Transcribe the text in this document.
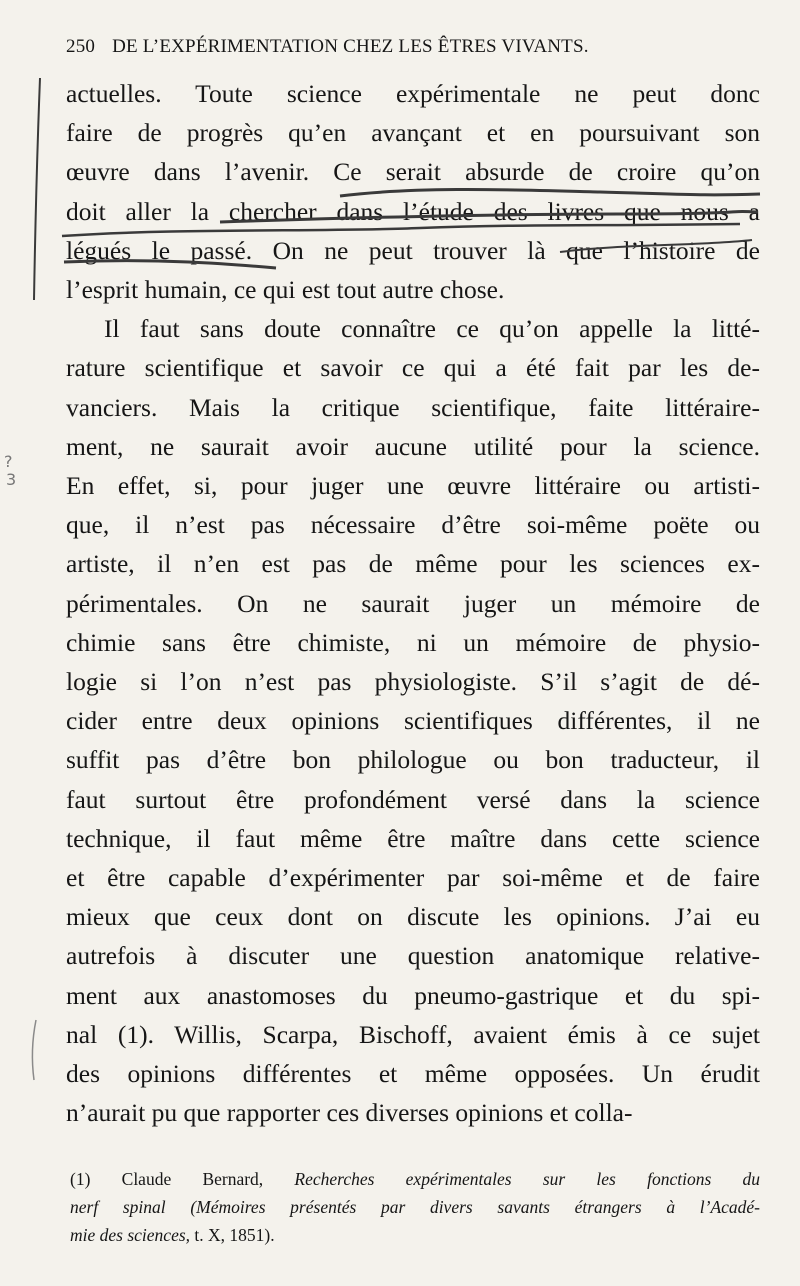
250 DE L’EXPÉRIMENTATION CHEZ LES ÊTRES VIVANTS.
actuelles. Toute science expérimentale ne peut donc
faire de progrès qu’en avançant et en poursuivant son
œuvre dans l’avenir. Ce serait absurde de croire qu’on
doit aller la chercher dans l’étude des livres que nous a
légués le passé. On ne peut trouver là que l’histoire de
l’esprit humain, ce qui est tout autre chose.
Il faut sans doute connaître ce qu’on appelle la litté-
rature scientifique et savoir ce qui a été fait par les de-
vanciers. Mais la critique scientifique, faite littéraire-
ment, ne saurait avoir aucune utilité pour la science.
En effet, si, pour juger une œuvre littéraire ou artisti-
que, il n’est pas nécessaire d’être soi-même poëte ou
artiste, il n’en est pas de même pour les sciences ex-
périmentales. On ne saurait juger un mémoire de
chimie sans être chimiste, ni un mémoire de physio-
logie si l’on n’est pas physiologiste. S’il s’agit de dé-
cider entre deux opinions scientifiques différentes, il ne
suffit pas d’être bon philologue ou bon traducteur, il
faut surtout être profondément versé dans la science
technique, il faut même être maître dans cette science
et être capable d’expérimenter par soi-même et de faire
mieux que ceux dont on discute les opinions. J’ai eu
autrefois à discuter une question anatomique relative-
ment aux anastomoses du pneumo-gastrique et du spi-
nal (1). Willis, Scarpa, Bischoff, avaient émis à ce sujet
des opinions différentes et même opposées. Un érudit
n’aurait pu que rapporter ces diverses opinions et colla-
(1) Claude Bernard, Recherches expérimentales sur les fonctions du
nerf spinal (Mémoires présentés par divers savants étrangers à l’Acadé-
mie des sciences, t. X, 1851).
?
3
